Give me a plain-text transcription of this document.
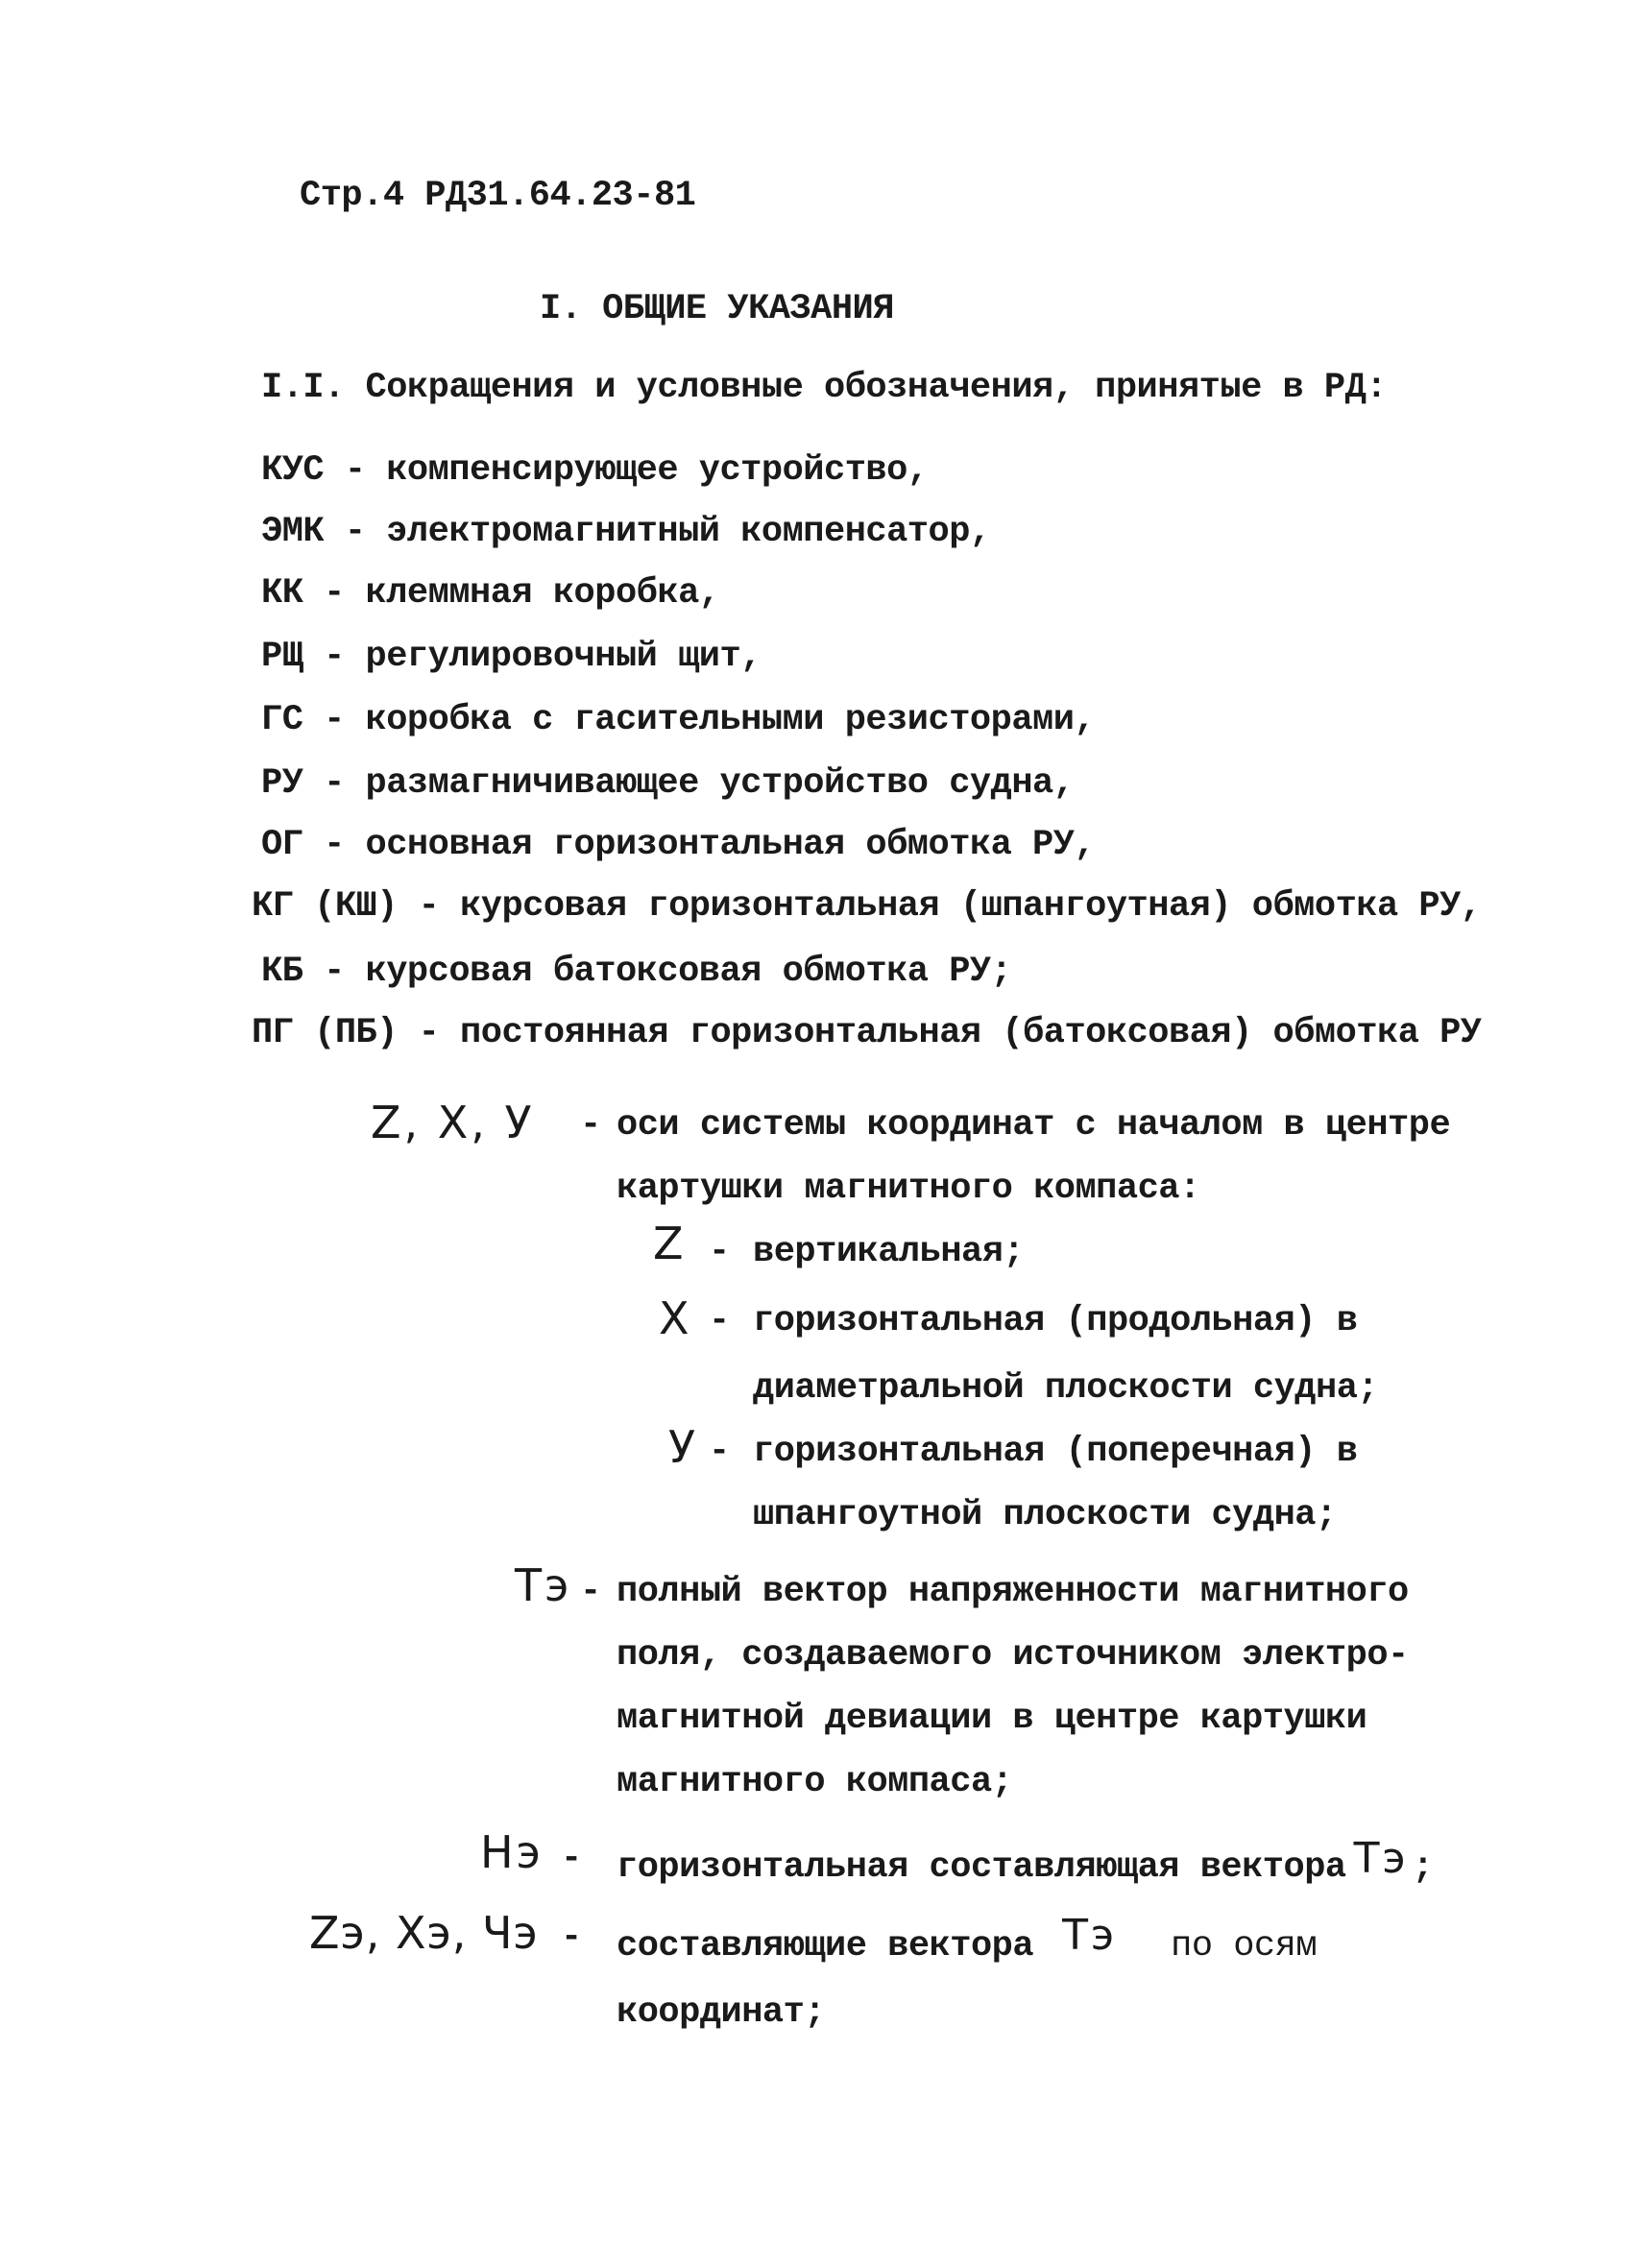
Стр.4 РД31.64.23-81

I. ОБЩИЕ УКАЗАНИЯ

I.I. Сокращения и условные обозначения, принятые в РД:

КУС - компенсирующее устройство,

ЭМК - электромагнитный компенсатор,

КК - клеммная коробка,

РЩ - регулировочный щит,

ГС - коробка с гасительными резисторами,

РУ - размагничивающее устройство судна,

ОГ - основная горизонтальная обмотка РУ,

КГ (КШ) - курсовая горизонтальная (шпангоутная) обмотка РУ,

КБ - курсовая батоксовая обмотка РУ;

ПГ (ПБ) - постоянная горизонтальная (батоксовая) обмотка РУ

Z, X, У - оси системы координат с началом в центре

картушки магнитного компаса:

Z - вертикальная;

X - горизонтальная (продольная) в

диаметральной плоскости судна;

У - горизонтальная (поперечная) в

шпангоутной плоскости судна;

Тэ - полный вектор напряженности магнитного

поля, создаваемого источником электро-

магнитной девиации в центре картушки

магнитного компаса;

Нэ - горизонтальная составляющая вектора Тэ ;

Zэ, Xэ, Чэ - составляющие вектора Тэ по осям

координат;
